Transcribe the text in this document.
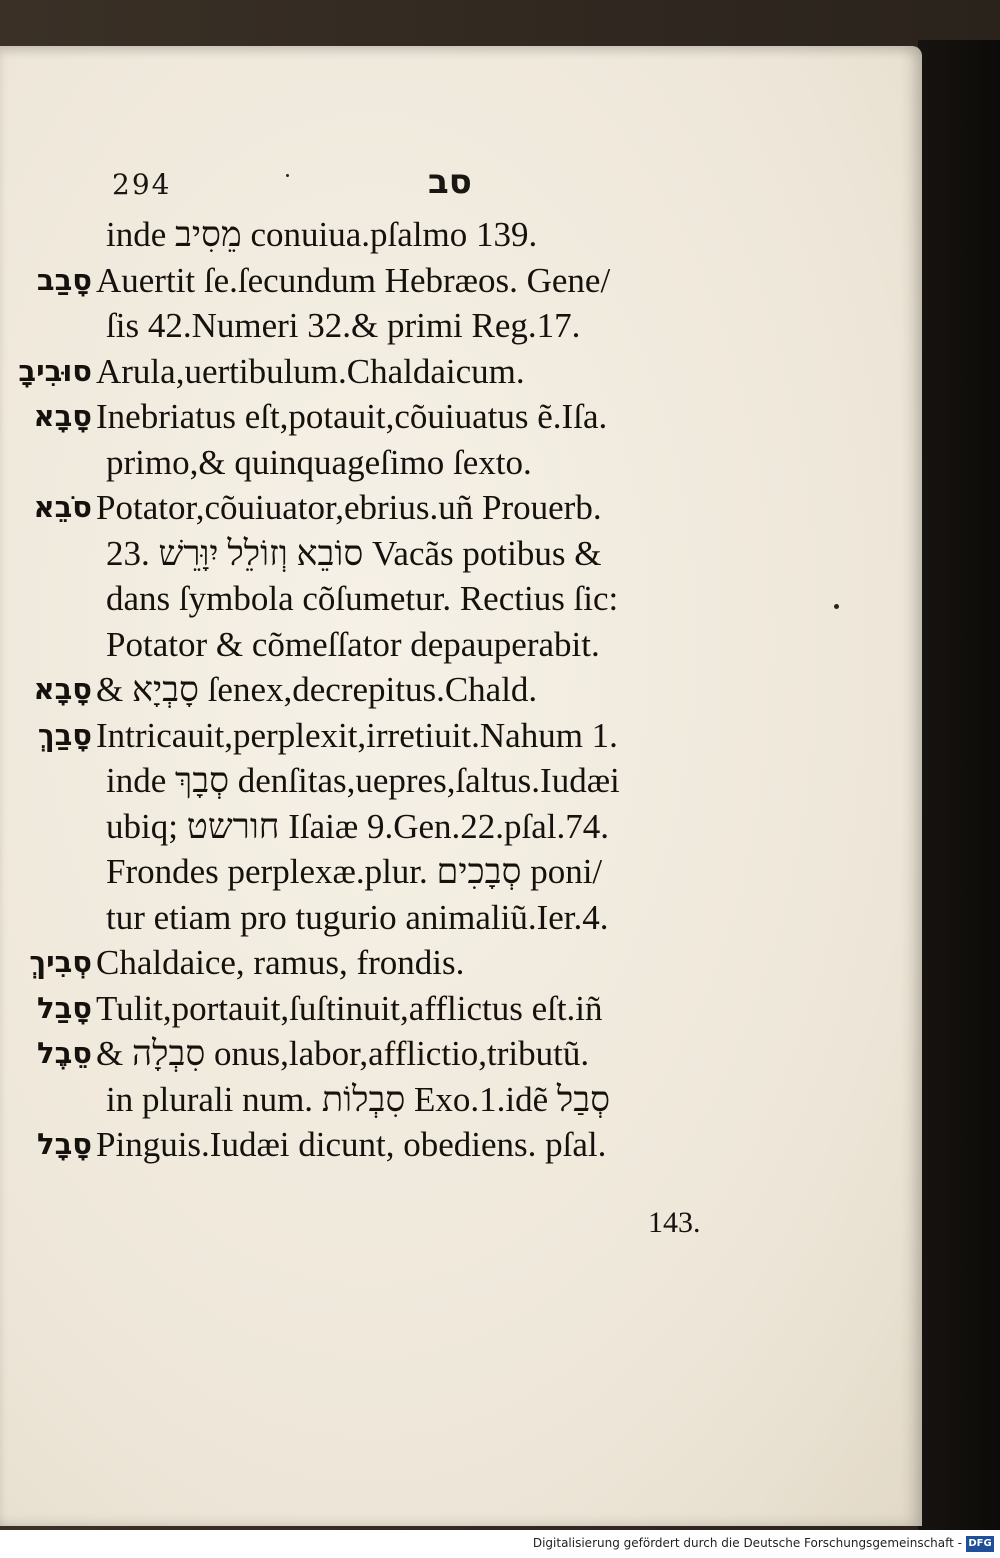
294	סב
inde מֵסִיב conuiua.pſalmo 139.
סָבַב Auertit ſe.ſecundum Hebræos. Gene/
ſis 42.Numeri 32.& primi Reg.17.
סוּבִיבָ Arula,uertibulum.Chaldaicum.
סָבָא Inebriatus eſt,potauit,cõuiuatus ẽ.Iſa.
primo,& quinquageſimo ſexto.
סֹבֵא Potator,cõuiuator,ebrius.uñ Prouerb.
23. סוֹבֵא וְזוֹלֵל יִוָּרֵשׁ Vacãs potibus &
dans ſymbola cõſumetur. Rectius ſic:
Potator & cõmeſſator depauperabit.
סָבָא & סָבְיָא ſenex,decrepitus.Chald.
סָבַךְ Intricauit,perplexit,irretiuit.Nahum 1.
inde סְבָךְ denſitas,uepres,ſaltus.Iudæi
ubiq; חורשט Iſaiæ 9.Gen.22.pſal.74.
Frondes perplexæ.plur. סְבָכִים poni/
tur etiam pro tugurio animaliũ.Ier.4.
סְבִיךְ Chaldaice, ramus, frondis.
סָבַל Tulit,portauit,ſuſtinuit,afflictus eſt.iñ
סֵבֶל & סִבְלָה onus,labor,afflictio,tributũ.
in plurali num. סִבְלוֹת Exo.1.idẽ סְבַל
סָבָל Pinguis.Iudæi dicunt, obediens. pſal.
143.
Digitalisierung gefördert durch die Deutsche Forschungsgemeinschaft - DFG
